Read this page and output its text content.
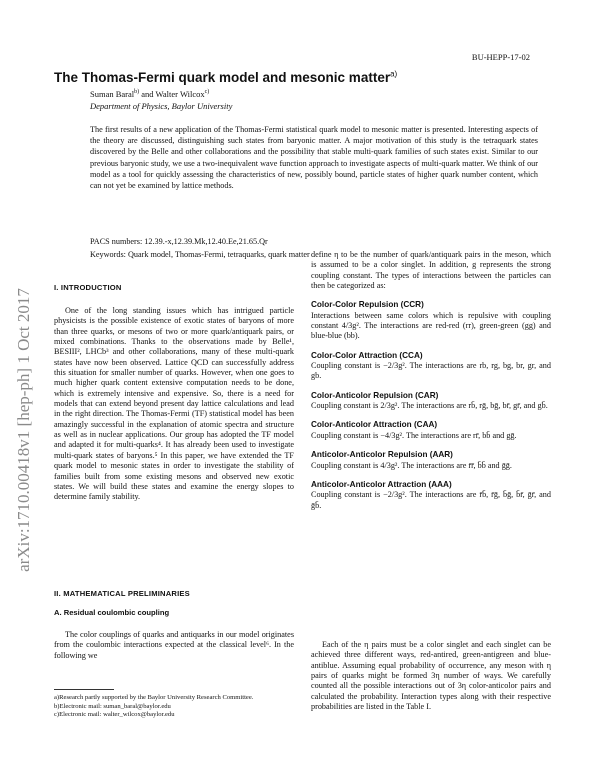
BU-HEPP-17-02
The Thomas-Fermi quark model and mesonic matter$^{a)}$
Suman Baral$^{b)}$ and Walter Wilcox$^{c)}$
Department of Physics, Baylor University
The first results of a new application of the Thomas-Fermi statistical quark model to mesonic matter is presented. Interesting aspects of the theory are discussed, distinguishing such states from baryonic matter. A major motivation of this study is the tetraquark states discovered by the Belle and other collaborations and the possibility that stable multi-quark families of such states exist. Similar to our previous baryonic study, we use a two-inequivalent wave function approach to investigate aspects of multi-quark matter. We think of our model as a tool for quickly assessing the characteristics of new, possibly bound, particle states of higher quark number content, which can not yet be examined by lattice methods.
PACS numbers: 12.39.-x,12.39.Mk,12.40.Ee,21.65.Qr
Keywords: Quark model, Thomas-Fermi, tetraquarks, quark matter
arXiv:1710.00418v1 [hep-ph] 1 Oct 2017
I. INTRODUCTION

One of the long standing issues which has intrigued particle physicists is the possible existence of exotic states of baryons of more than three quarks, or mesons of two or more quark/antiquark pairs, or mixed combinations. Thanks to the observations made by Belle¹, BESIII², LHCb³ and other collaborations, many of these multi-quark states have now been observed. Lattice QCD can successfully address this situation for smaller number of quarks. However, when one goes to much higher quark content extensive computation needs to be done, which is extremely intensive and expensive. So, there is a need for models that can extend beyond present day lattice calculations and lead in the right direction. The Thomas-Fermi (TF) statistical model has been amazingly successful in the explanation of atomic spectra and structure as well as in nuclear applications. Our group has adopted the TF model and adapted it for multi-quarks⁴. It has already been used to investigate multi-quark states of baryons.⁵ In this paper, we have extended the TF quark model to mesonic states in order to investigate the stability of families built from some existing mesons and observed new exotic states. We will build these states and examine the energy slopes to determine family stability.

II. MATHEMATICAL PRELIMINARIES
A. Residual coulombic coupling

The color couplings of quarks and antiquarks in our model originates from the coulombic interactions expected at the classical level⁶. In the following we

a)Research partly supported by the Baylor University Research Committee.
b)Electronic mail: suman_baral@baylor.edu
c)Electronic mail: walter_wilcox@baylor.edu

define η to be the number of quark/antiquark pairs in the meson, which is assumed to be a color singlet. In addition, g represents the strong coupling constant. The types of interactions between the particles can then be categorized as:

Color-Color Repulsion (CCR)
Interactions between same colors which is repulsive with coupling constant 4/3g². The interactions are red-red (rr), green-green (gg) and blue-blue (bb).
Color-Color Attraction (CCA)
Coupling constant is −2/3g². The interactions are rb, rg, bg, br, gr, and gb.
Color-Anticolor Repulsion (CAR)
Coupling constant is 2/3g². The interactions are rb̄, rḡ, bḡ, br̄, gr̄, and gb̄.
Color-Anticolor Attraction (CAA)
Coupling constant is −4/3g². The interactions are rr̄, bb̄ and gḡ.
Anticolor-Anticolor Repulsion (AAR)
Coupling constant is 4/3g². The interactions are r̄r̄, b̄b̄ and ḡḡ.
Anticolor-Anticolor Attraction (AAA)
Coupling constant is −2/3g². The interactions are r̄b̄, r̄ḡ, b̄ḡ, b̄r̄, ḡr̄, and ḡb̄.

Each of the η pairs must be a color singlet and each singlet can be achieved three different ways, red-antired, green-antigreen and blue-antiblue. Assuming equal probability of occurrence, any meson with η pairs of quarks might be formed 3η number of ways. We carefully counted all the possible interactions out of 3η color-anticolor pairs and calculated the probability. Interaction types along with their respective probabilities are listed in the Table I.
